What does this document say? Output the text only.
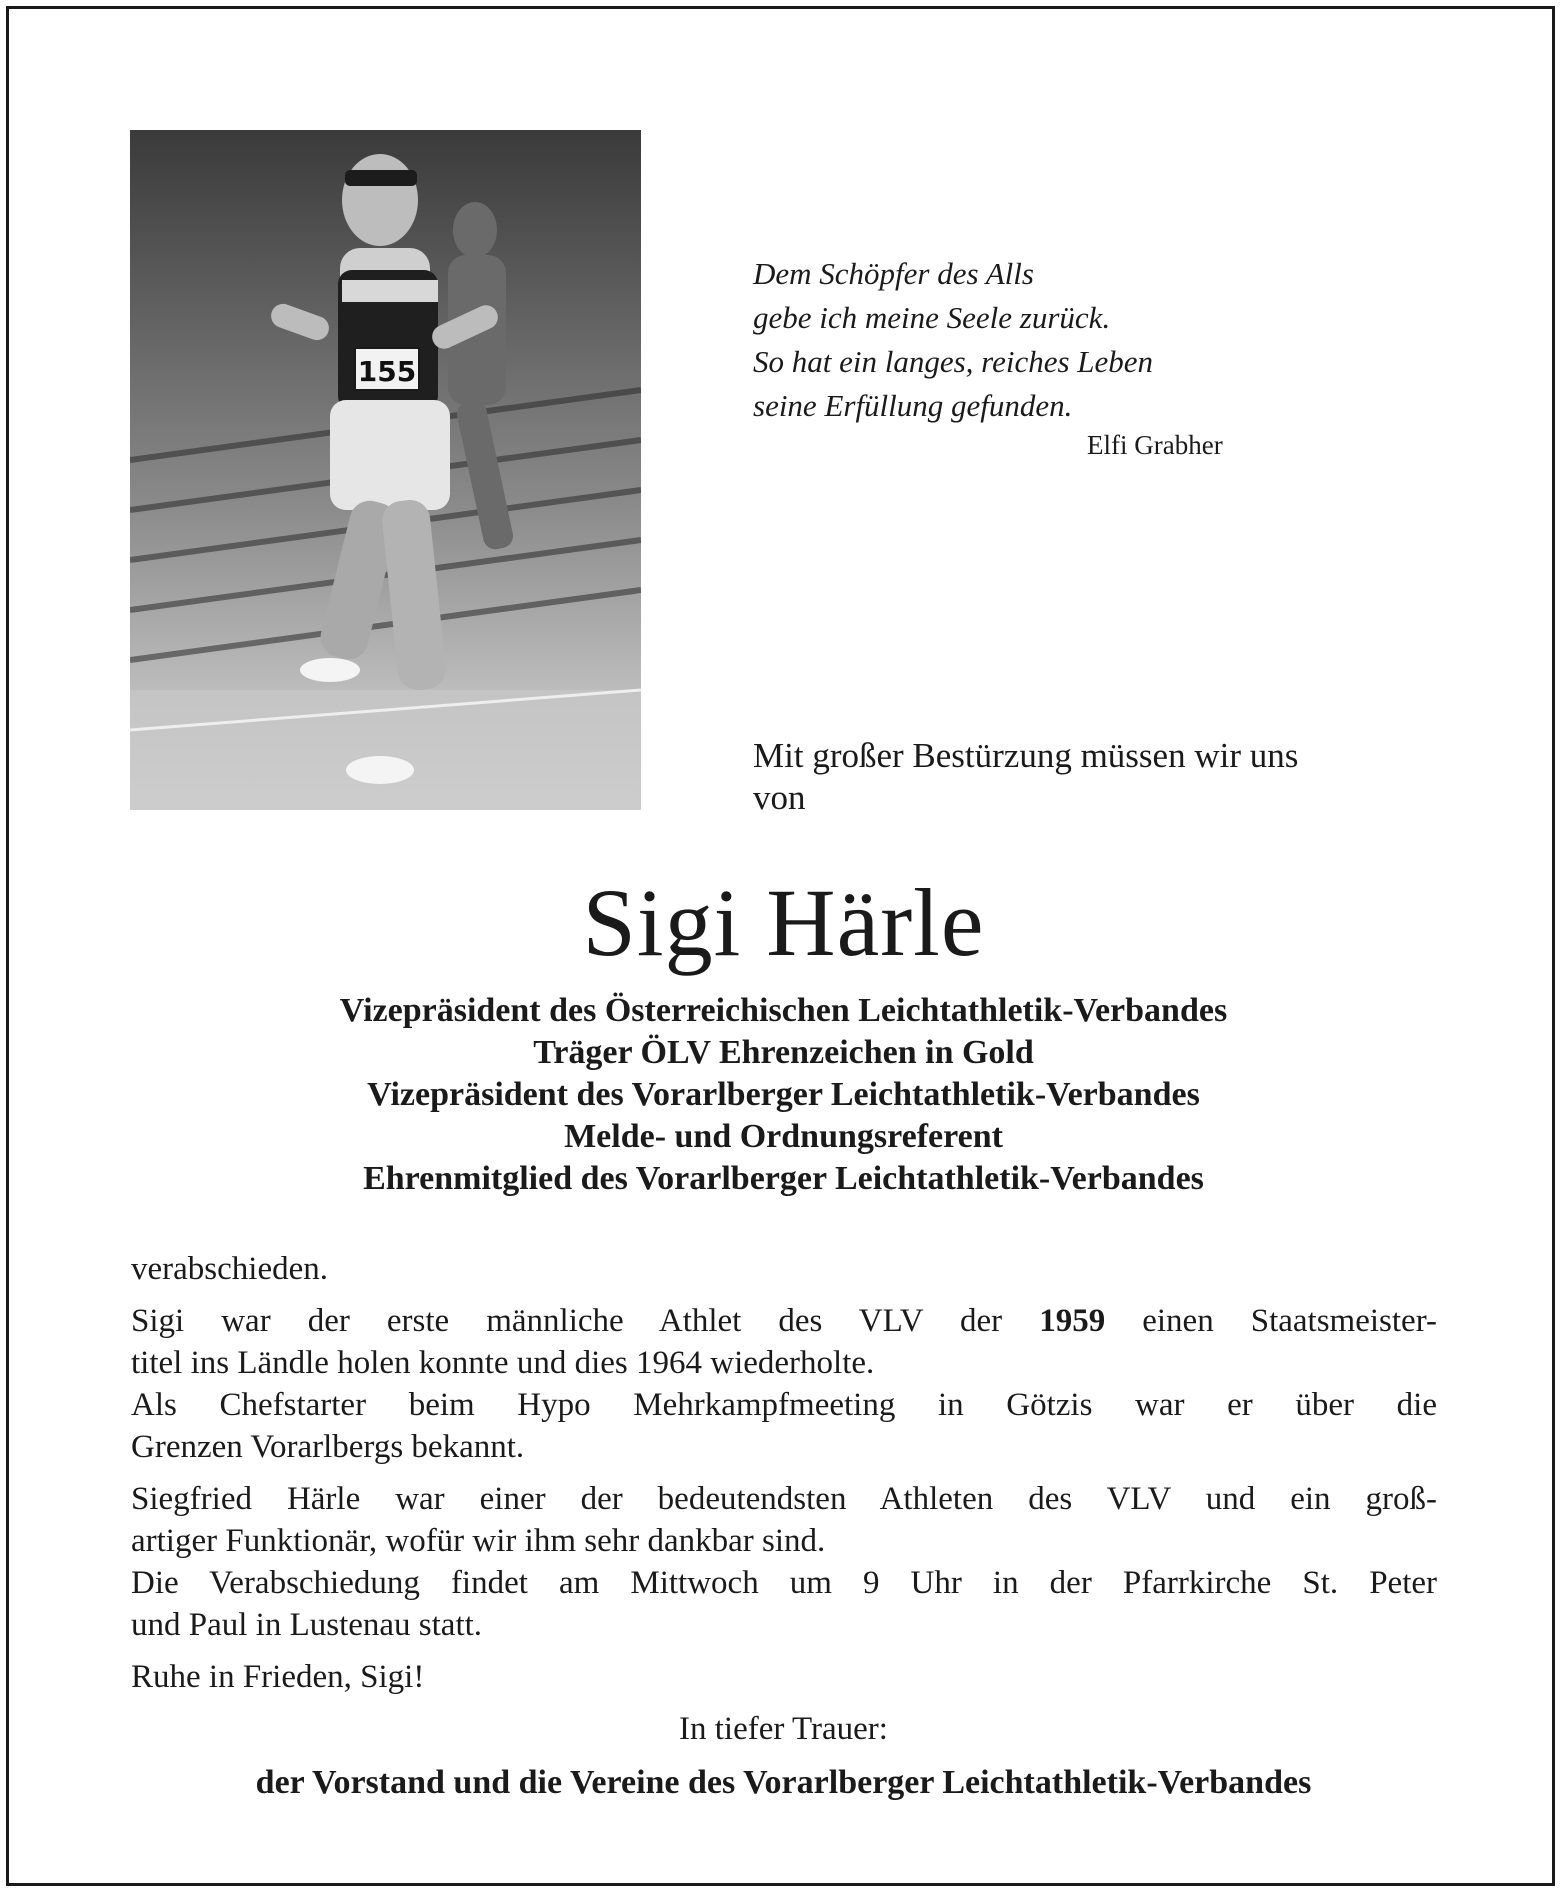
155
Dem Schöpfer des Alls
gebe ich meine Seele zurück.
So hat ein langes, reiches Leben
seine Erfüllung gefunden.
Elfi Grabher
Mit großer Bestürzung müssen wir uns
von
Sigi Härle
Vizepräsident des Österreichischen Leichtathletik-Verbandes
Träger ÖLV Ehrenzeichen in Gold
Vizepräsident des Vorarlberger Leichtathletik-Verbandes
Melde- und Ordnungsreferent
Ehrenmitglied des Vorarlberger Leichtathletik-Verbandes

verabschieden.

Sigi war der erste männliche Athlet des VLV der 1959 einen Staatsmeister-
titel ins Ländle holen konnte und dies 1964 wiederholte.
Als Chefstarter beim Hypo Mehrkampfmeeting in Götzis war er über die
Grenzen Vorarlbergs bekannt.

Siegfried Härle war einer der bedeutendsten Athleten des VLV und ein groß-
artiger Funktionär, wofür wir ihm sehr dankbar sind.
Die Verabschiedung findet am Mittwoch um 9 Uhr in der Pfarrkirche St. Peter
und Paul in Lustenau statt.

Ruhe in Frieden, Sigi!

In tiefer Trauer:
der Vorstand und die Vereine des Vorarlberger Leichtathletik-Verbandes
